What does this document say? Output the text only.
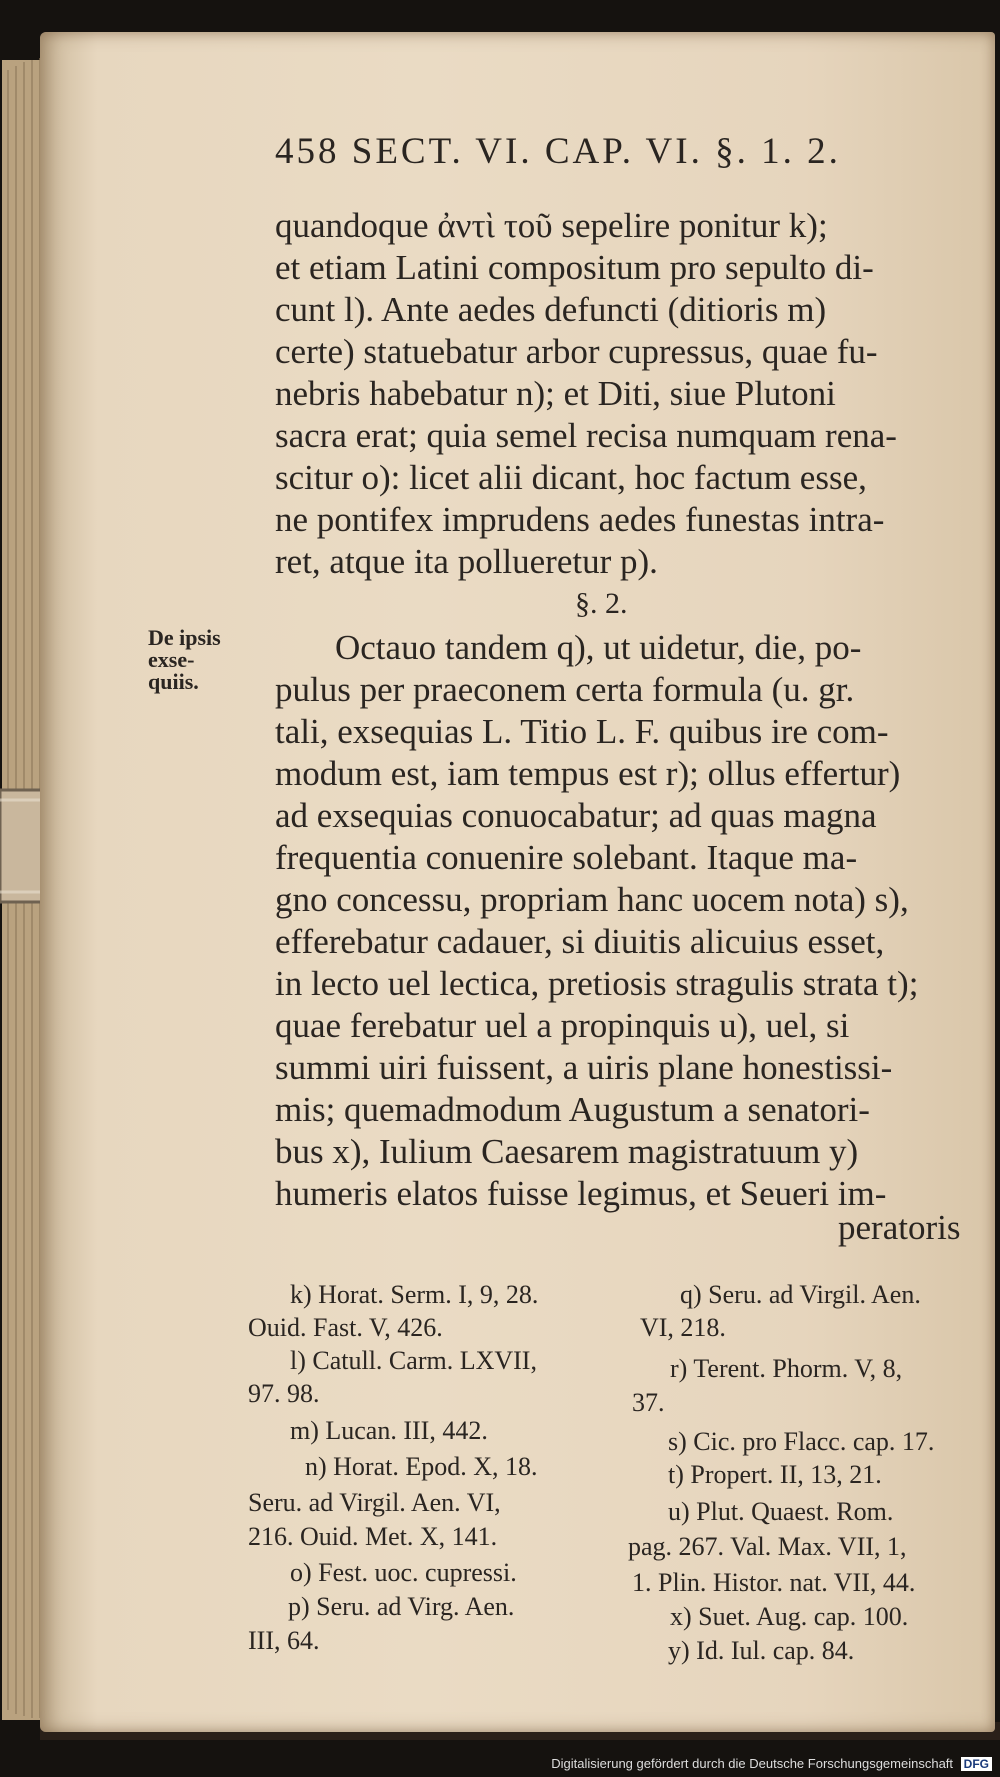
458 SECT. VI. CAP. VI. §. 1. 2.
quandoque ἀντὶ τοῦ sepelire ponitur k);
et etiam Latini compositum pro sepulto di-
cunt l). Ante aedes defuncti (ditioris m)
certe) statuebatur arbor cupressus, quae fu-
nebris habebatur n); et Diti, siue Plutoni
sacra erat; quia semel recisa numquam rena-
scitur o): licet alii dicant, hoc factum esse,
ne pontifex imprudens aedes funestas intra-
ret, atque ita pollueretur p).
§. 2.
De ipsis
exse-
quiis.
Octauo tandem q), ut uidetur, die, po-
pulus per praeconem certa formula (u. gr.
tali, exsequias L. Titio L. F. quibus ire com-
modum est, iam tempus est r); ollus effertur)
ad exsequias conuocabatur; ad quas magna
frequentia conuenire solebant. Itaque ma-
gno concessu, propriam hanc uocem nota) s),
efferebatur cadauer, si diuitis alicuius esset,
in lecto uel lectica, pretiosis stragulis strata t);
quae ferebatur uel a propinquis u), uel, si
summi uiri fuissent, a uiris plane honestissi-
mis; quemadmodum Augustum a senatori-
bus x), Iulium Caesarem magistratuum y)
humeris elatos fuisse legimus, et Seueri im-
peratoris
k) Horat. Serm. I, 9, 28.
Ouid. Fast. V, 426.
l) Catull. Carm. LXVII,
97. 98.
m) Lucan. III, 442.
n) Horat. Epod. X, 18.
Seru. ad Virgil. Aen. VI,
216. Ouid. Met. X, 141.
o) Fest. uoc. cupressi.
p) Seru. ad Virg. Aen.
III, 64.
q) Seru. ad Virgil. Aen.
VI, 218.
r) Terent. Phorm. V, 8,
37.
s) Cic. pro Flacc. cap. 17.
t) Propert. II, 13, 21.
u) Plut. Quaest. Rom.
pag. 267. Val. Max. VII, 1,
1. Plin. Histor. nat. VII, 44.
x) Suet. Aug. cap. 100.
y) Id. Iul. cap. 84.
Digitalisierung gefördert durch die Deutsche Forschungsgemeinschaft DFG
